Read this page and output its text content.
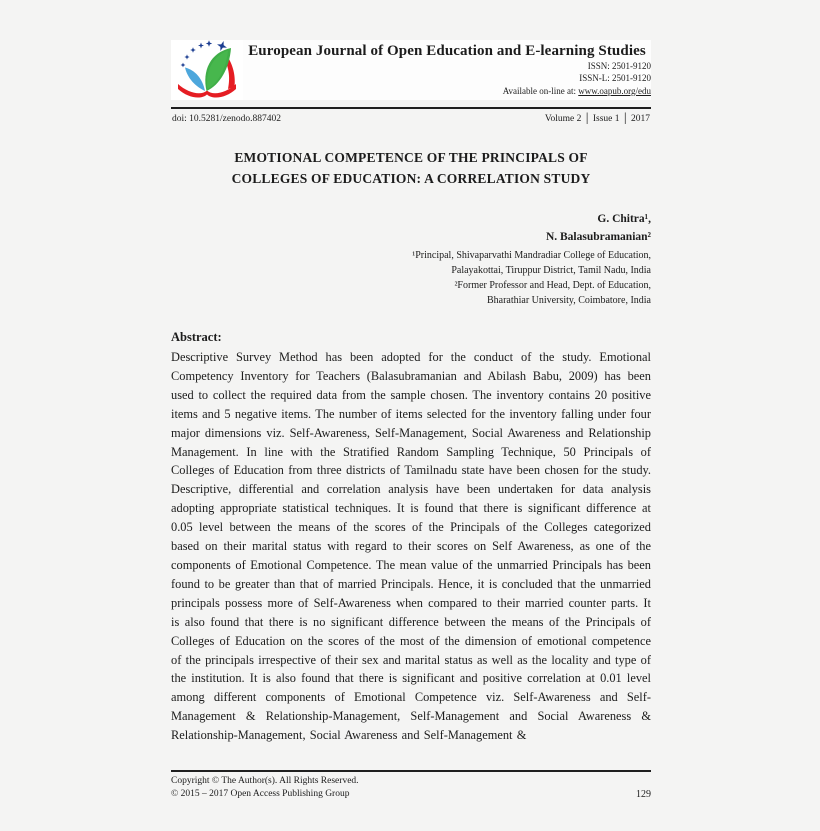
European Journal of Open Education and E-learning Studies
ISSN: 2501-9120
ISSN-L: 2501-9120
Available on-line at: www.oapub.org/edu
doi: 10.5281/zenodo.887402	Volume 2 │ Issue 1 │ 2017
EMOTIONAL COMPETENCE OF THE PRINCIPALS OF
COLLEGES OF EDUCATION: A CORRELATION STUDY
G. Chitra¹,
N. Balasubramanian²
¹Principal, Shivaparvathi Mandradiar College of Education,
Palayakottai, Tiruppur District, Tamil Nadu, India
²Former Professor and Head, Dept. of Education,
Bharathiar University, Coimbatore, India
Abstract:
Descriptive Survey Method has been adopted for the conduct of the study. Emotional Competency Inventory for Teachers (Balasubramanian and Abilash Babu, 2009) has been used to collect the required data from the sample chosen. The inventory contains 20 positive items and 5 negative items. The number of items selected for the inventory falling under four major dimensions viz. Self-Awareness, Self-Management, Social Awareness and Relationship Management. In line with the Stratified Random Sampling Technique, 50 Principals of Colleges of Education from three districts of Tamilnadu state have been chosen for the study. Descriptive, differential and correlation analysis have been undertaken for data analysis adopting appropriate statistical techniques. It is found that there is significant difference at 0.05 level between the means of the scores of the Principals of the Colleges categorized based on their marital status with regard to their scores on Self Awareness, as one of the components of Emotional Competence. The mean value of the unmarried Principals has been found to be greater than that of married Principals. Hence, it is concluded that the unmarried principals possess more of Self-Awareness when compared to their married counter parts. It is also found that there is no significant difference between the means of the Principals of Colleges of Education on the scores of the most of the dimension of emotional competence of the principals irrespective of their sex and marital status as well as the locality and type of the institution. It is also found that there is significant and positive correlation at 0.01 level among different components of Emotional Competence viz. Self-Awareness and Self-Management & Relationship-Management, Self-Management and Social Awareness & Relationship-Management, Social Awareness and Self-Management &
Copyright © The Author(s). All Rights Reserved.
© 2015 – 2017 Open Access Publishing Group	129
